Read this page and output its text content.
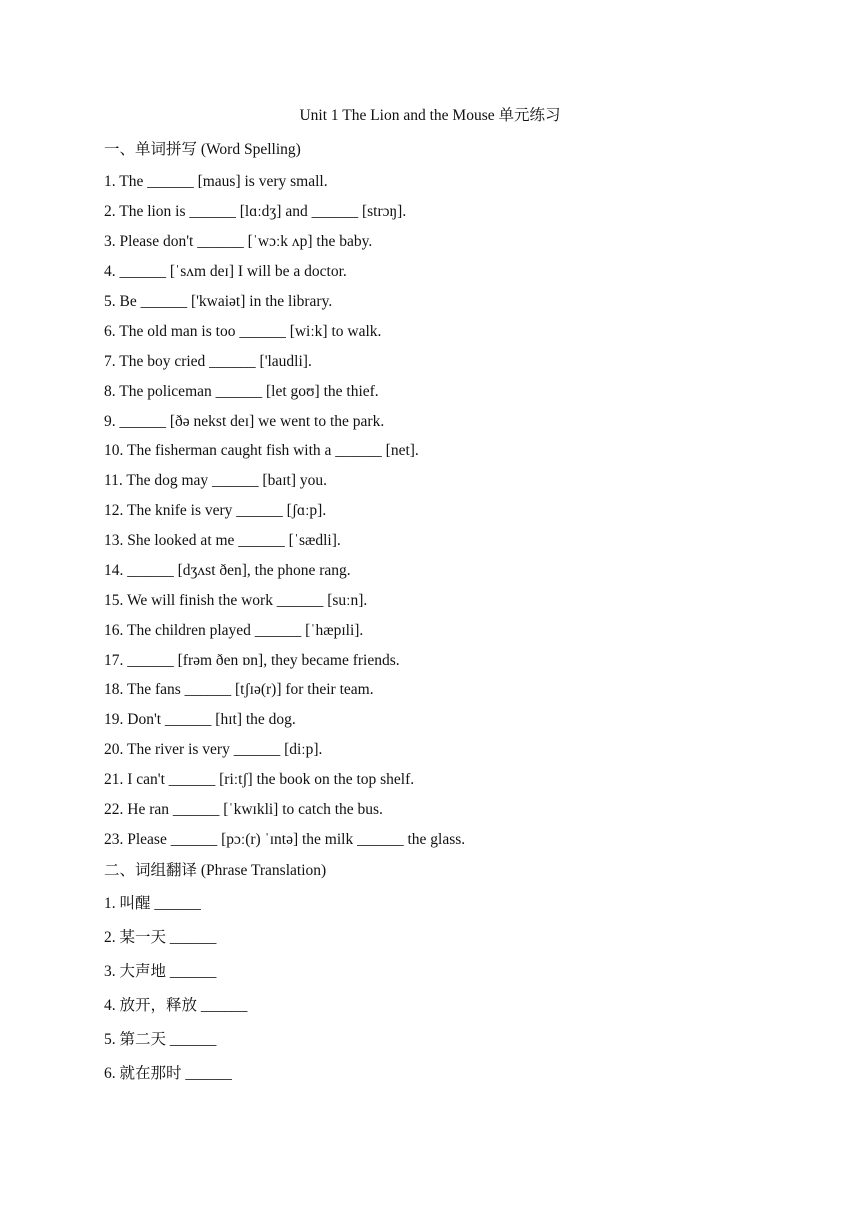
Unit 1 The Lion and the Mouse 单元练习
一、单词拼写 (Word Spelling)
1. The ______ [maus] is very small.
2. The lion is ______ [lɑːdʒ] and ______ [strɔŋ].
3. Please don't ______ [ˈwɔːk ʌp] the baby.
4. ______ [ˈsʌm deɪ] I will be a doctor.
5. Be ______ ['kwaiət] in the library.
6. The old man is too ______ [wiːk] to walk.
7. The boy cried ______ ['laudli].
8. The policeman ______ [let goʊ] the thief.
9. ______ [ðə nekst deɪ] we went to the park.
10. The fisherman caught fish with a ______ [net].
11. The dog may ______ [baɪt] you.
12. The knife is very ______ [ʃɑːp].
13. She looked at me ______ [ˈsædli].
14. ______ [dʒʌst ðen], the phone rang.
15. We will finish the work ______ [suːn].
16. The children played ______ [ˈhæpɪli].
17. ______ [frəm ðen ɒn], they became friends.
18. The fans ______ [tʃɪə(r)] for their team.
19. Don't ______ [hɪt] the dog.
20. The river is very ______ [diːp].
21. I can't ______ [riːtʃ] the book on the top shelf.
22. He ran ______ [ˈkwɪkli] to catch the bus.
23. Please ______ [pɔː(r) ˈɪntə] the milk ______ the glass.
二、词组翻译 (Phrase Translation)
1. 叫醒 ______
2. 某一天 ______
3. 大声地 ______
4. 放开，释放 ______
5. 第二天 ______
6. 就在那时 ______
